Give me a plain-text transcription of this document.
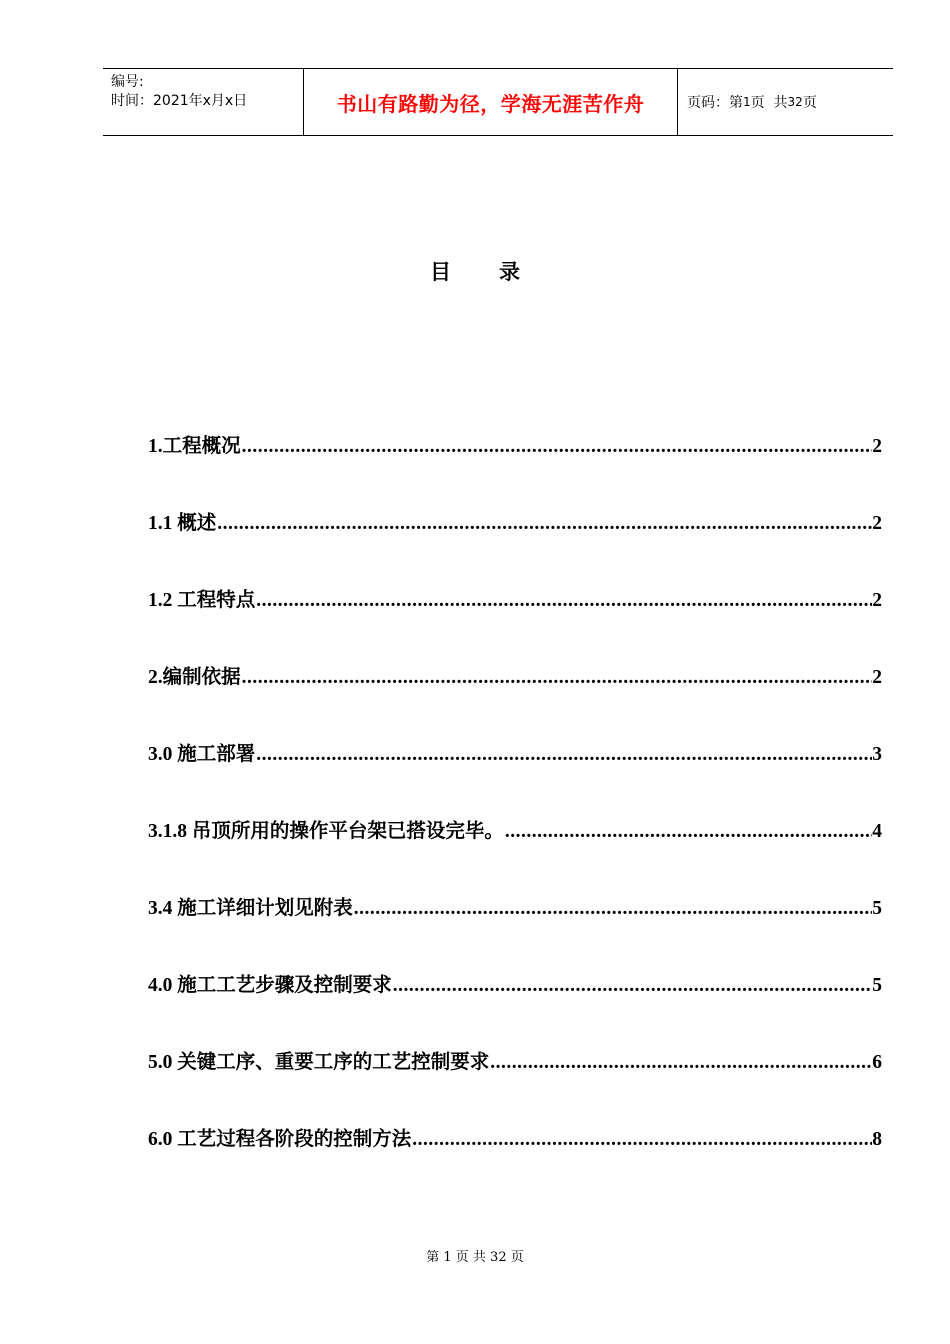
编号:
时间：2021年x月x日	书山有路勤为径，学海无涯苦作舟	页码：第 1 页  共 32 页
目 录
1.工程概况 .....	2
1.1 概述 .....	2
1.2 工程特点 .....	2
2.编制依据 .....	2
3.0 施工部署 .....	3
3.1.8 吊顶所用的操作平台架已搭设完毕。 .....	4
3.4 施工详细计划见附表 .....	5
4.0 施工工艺步骤及控制要求 .....	5
5.0 关键工序、重要工序的工艺控制要求 .....	6
6.0 工艺过程各阶段的控制方法 .....	8
第 1 页 共 32 页
